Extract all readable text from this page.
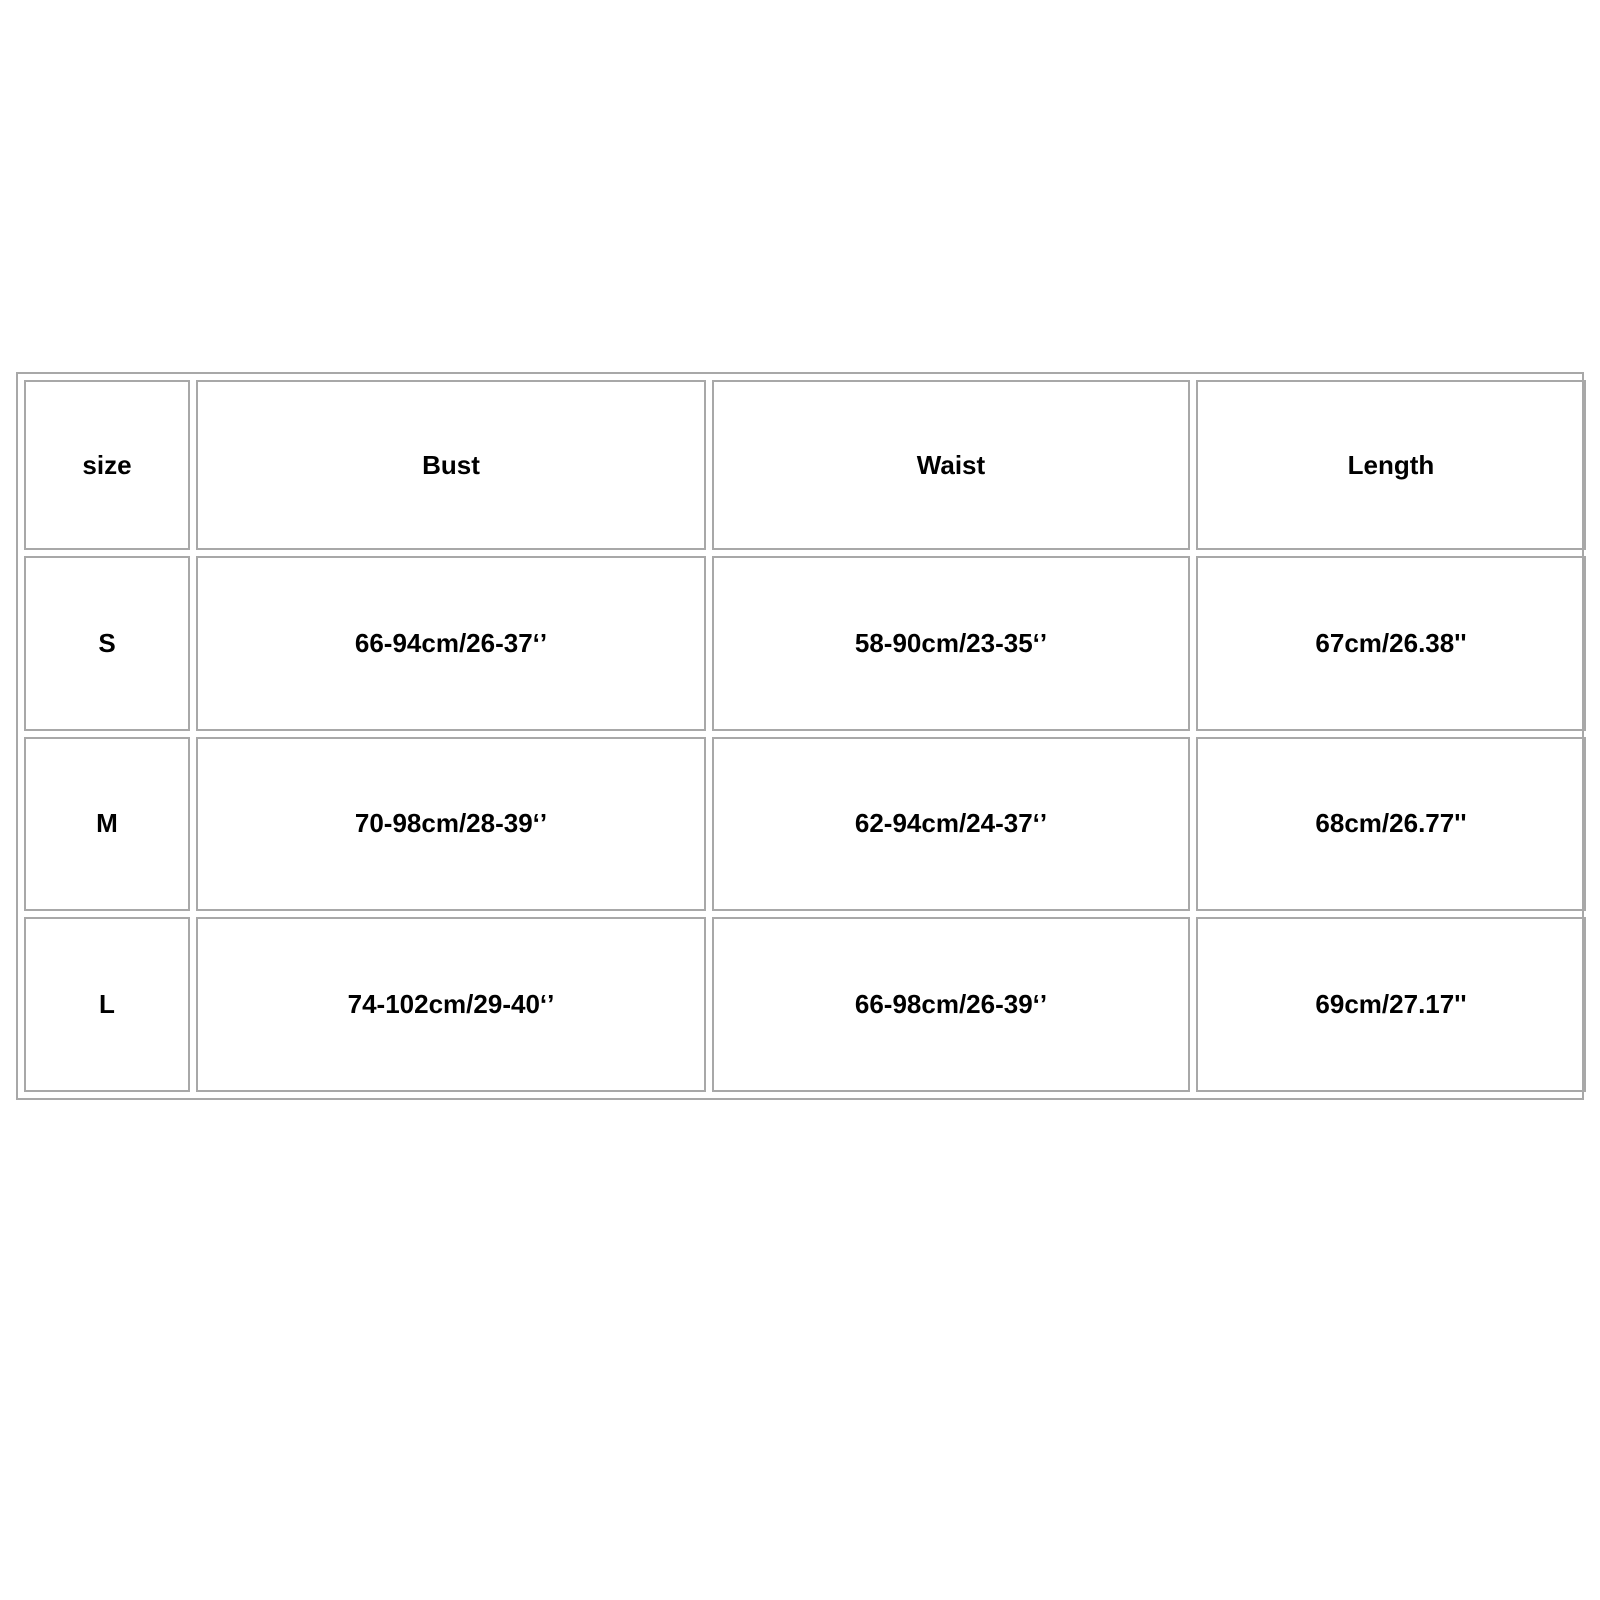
size	Bust	Waist	Length
S	66-94cm/26-37‘’	58-90cm/23-35‘’	67cm/26.38''
M	70-98cm/28-39‘’	62-94cm/24-37‘’	68cm/26.77''
L	74-102cm/29-40‘’	66-98cm/26-39‘’	69cm/27.17''
